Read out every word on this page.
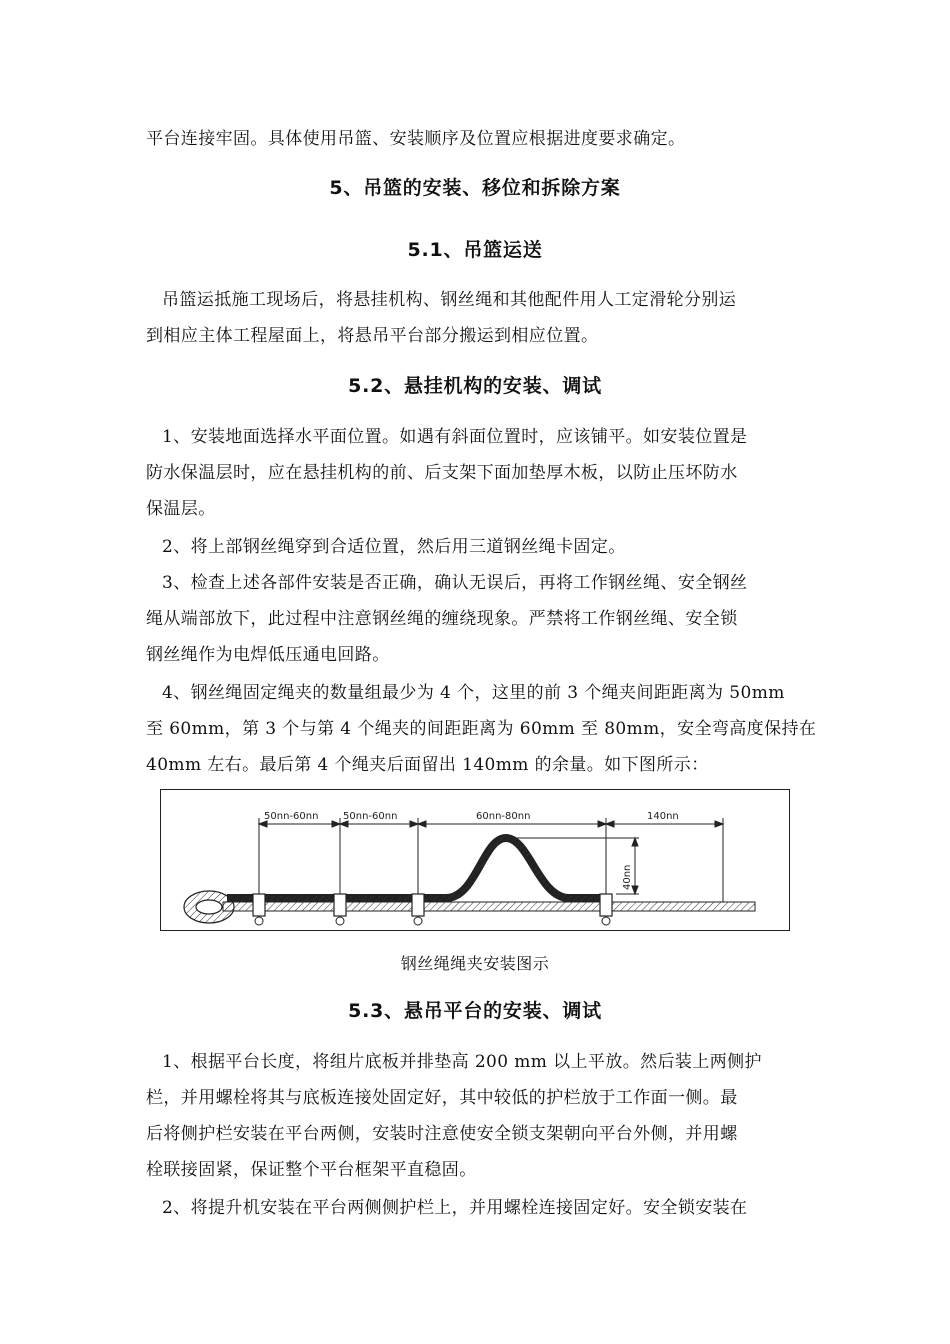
平台连接牢固。具体使用吊篮、安装顺序及位置应根据进度要求确定。
5、吊篮的安装、移位和拆除方案
5.1、吊篮运送
吊篮运抵施工现场后，将悬挂机构、钢丝绳和其他配件用人工定滑轮分别运
到相应主体工程屋面上，将悬吊平台部分搬运到相应位置。
5.2、悬挂机构的安装、调试
1、安装地面选择水平面位置。如遇有斜面位置时，应该铺平。如安装位置是
防水保温层时，应在悬挂机构的前、后支架下面加垫厚木板，以防止压坏防水
保温层。
2、将上部钢丝绳穿到合适位置，然后用三道钢丝绳卡固定。
3、检查上述各部件安装是否正确，确认无误后，再将工作钢丝绳、安全钢丝
绳从端部放下，此过程中注意钢丝绳的缠绕现象。严禁将工作钢丝绳、安全锁
钢丝绳作为电焊低压通电回路。
4、钢丝绳固定绳夹的数量组最少为 4 个，这里的前 3 个绳夹间距距离为 50mm
至 60mm，第 3 个与第 4 个绳夹的间距距离为 60mm 至 80mm，安全弯高度保持在
40mm 左右。最后第 4 个绳夹后面留出 140mm 的余量。如下图所示：
50nn-60nn 50nn-60nn	60nn-80nn	140nn
40nn
钢丝绳绳夹安装图示
5.3、悬吊平台的安装、调试
1、根据平台长度，将组片底板并排垫高 200 mm 以上平放。然后装上两侧护
栏，并用螺栓将其与底板连接处固定好，其中较低的护栏放于工作面一侧。最
后将侧护栏安装在平台两侧，安装时注意使安全锁支架朝向平台外侧，并用螺
栓联接固紧，保证整个平台框架平直稳固。
2、将提升机安装在平台两侧侧护栏上，并用螺栓连接固定好。安全锁安装在
